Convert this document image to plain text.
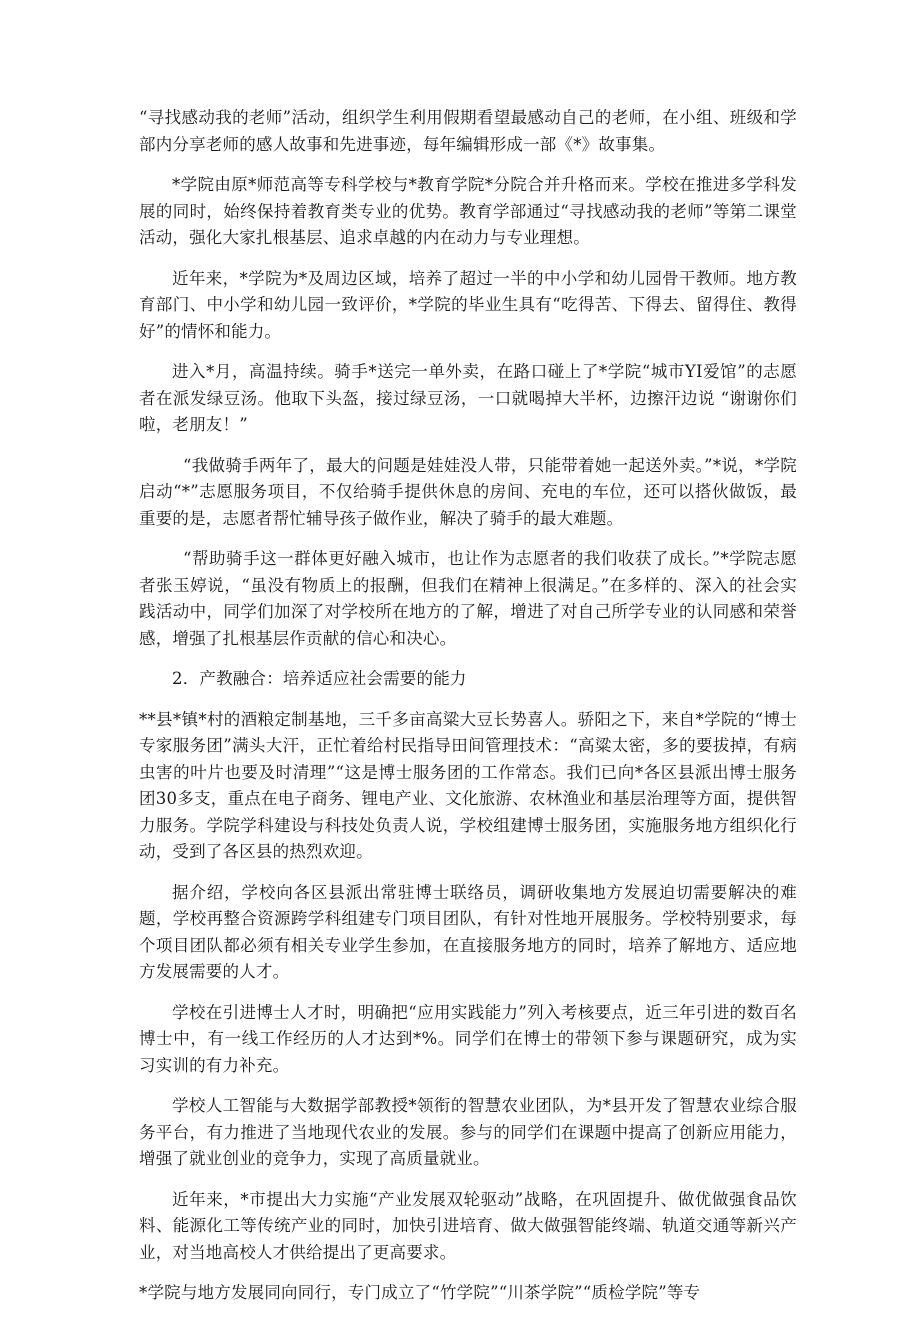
“寻找感动我的老师”活动，组织学生利用假期看望最感动自己的老师，在小组、班级和学部内分享老师的感人故事和先进事迹，每年编辑形成一部《*》故事集。

*学院由原*师范高等专科学校与*教育学院*分院合并升格而来。学校在推进多学科发展的同时，始终保持着教育类专业的优势。教育学部通过“寻找感动我的老师”等第二课堂活动，强化大家扎根基层、追求卓越的内在动力与专业理想。

近年来，*学院为*及周边区域，培养了超过一半的中小学和幼儿园骨干教师。地方教育部门、中小学和幼儿园一致评价，*学院的毕业生具有“吃得苦、下得去、留得住、教得好”的情怀和能力。

进入*月，高温持续。骑手*送完一单外卖，在路口碰上了*学院“城市YI爱馆”的志愿者在派发绿豆汤。他取下头盔，接过绿豆汤，一口就喝掉大半杯，边擦汗边说 “谢谢你们啦，老朋友！”

“我做骑手两年了，最大的问题是娃娃没人带，只能带着她一起送外卖。”*说，*学院启动“*”志愿服务项目，不仅给骑手提供休息的房间、充电的车位，还可以搭伙做饭，最重要的是，志愿者帮忙辅导孩子做作业，解决了骑手的最大难题。

“帮助骑手这一群体更好融入城市，也让作为志愿者的我们收获了成长。”*学院志愿者张玉婷说，“虽没有物质上的报酬，但我们在精神上很满足。”在多样的、深入的社会实践活动中，同学们加深了对学校所在地方的了解，增进了对自己所学专业的认同感和荣誉感，增强了扎根基层作贡献的信心和决心。

2．产教融合：培养适应社会需要的能力

**县*镇*村的酒粮定制基地，三千多亩高粱大豆长势喜人。骄阳之下，来自*学院的“博士专家服务团”满头大汗，正忙着给村民指导田间管理技术：“高粱太密，多的要拔掉，有病虫害的叶片也要及时清理”“这是博士服务团的工作常态。我们已向*各区县派出博士服务团30多支，重点在电子商务、锂电产业、文化旅游、农林渔业和基层治理等方面，提供智力服务。学院学科建设与科技处负责人说，学校组建博士服务团，实施服务地方组织化行动，受到了各区县的热烈欢迎。

据介绍，学校向各区县派出常驻博士联络员，调研收集地方发展迫切需要解决的难题，学校再整合资源跨学科组建专门项目团队，有针对性地开展服务。学校特别要求，每个项目团队都必须有相关专业学生参加，在直接服务地方的同时，培养了解地方、适应地方发展需要的人才。

学校在引进博士人才时，明确把“应用实践能力”列入考核要点，近三年引进的数百名博士中，有一线工作经历的人才达到*%。同学们在博士的带领下参与课题研究，成为实习实训的有力补充。

学校人工智能与大数据学部教授*领衔的智慧农业团队，为*县开发了智慧农业综合服务平台，有力推进了当地现代农业的发展。参与的同学们在课题中提高了创新应用能力，增强了就业创业的竞争力，实现了高质量就业。

近年来，*市提出大力实施“产业发展双轮驱动”战略，在巩固提升、做优做强食品饮料、能源化工等传统产业的同时，加快引进培育、做大做强智能终端、轨道交通等新兴产业，对当地高校人才供给提出了更高要求。

*学院与地方发展同向同行，专门成立了“竹学院”“川茶学院”“质检学院”等专
